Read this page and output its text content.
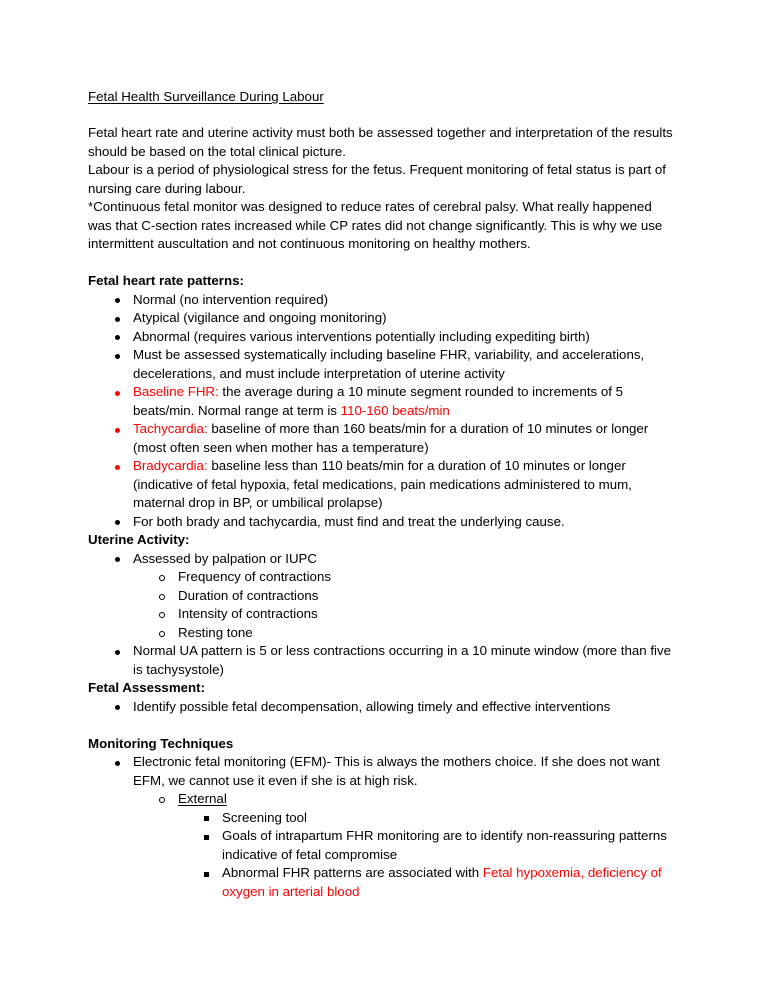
Fetal Health Surveillance During Labour

Fetal heart rate and uterine activity must both be assessed together and interpretation of the results should be based on the total clinical picture.

Labour is a period of physiological stress for the fetus. Frequent monitoring of fetal status is part of nursing care during labour.

*Continuous fetal monitor was designed to reduce rates of cerebral palsy. What really happened was that C-section rates increased while CP rates did not change significantly. This is why we use intermittent auscultation and not continuous monitoring on healthy mothers.

Fetal heart rate patterns:
Normal (no intervention required)
Atypical (vigilance and ongoing monitoring)
Abnormal (requires various interventions potentially including expediting birth)
Must be assessed systematically including baseline FHR, variability, and accelerations, decelerations, and must include interpretation of uterine activity
Baseline FHR: the average during a 10 minute segment rounded to increments of 5 beats/min. Normal range at term is 110-160 beats/min
Tachycardia: baseline of more than 160 beats/min for a duration of 10 minutes or longer (most often seen when mother has a temperature)
Bradycardia: baseline less than 110 beats/min for a duration of 10 minutes or longer (indicative of fetal hypoxia, fetal medications, pain medications administered to mum, maternal drop in BP, or umbilical prolapse)
For both brady and tachycardia, must find and treat the underlying cause.
Uterine Activity:
Assessed by palpation or IUPC
Frequency of contractions
Duration of contractions
Intensity of contractions
Resting tone
Normal UA pattern is 5 or less contractions occurring in a 10 minute window (more than five is tachysystole)
Fetal Assessment:
Identify possible fetal decompensation, allowing timely and effective interventions
Monitoring Techniques
Electronic fetal monitoring (EFM)- This is always the mothers choice. If she does not want EFM, we cannot use it even if she is at high risk.
External
Screening tool
Goals of intrapartum FHR monitoring are to identify non-reassuring patterns indicative of fetal compromise
Abnormal FHR patterns are associated with Fetal hypoxemia, deficiency of oxygen in arterial blood
